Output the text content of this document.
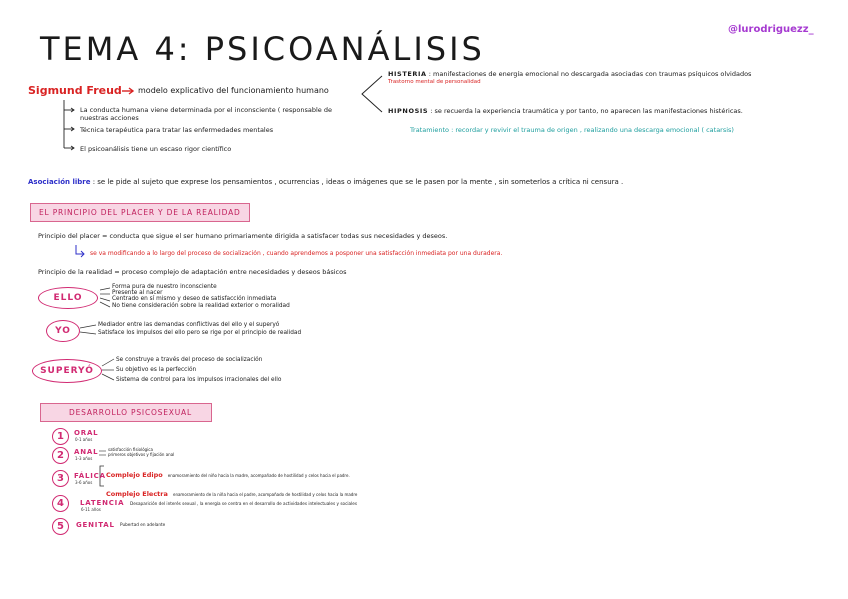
TEMA 4: PSICOANÁLISIS
@lurodriguezz_
Sigmund Freud modelo explicativo del funcionamiento humano
La conducta humana viene determinada por el inconsciente ( responsable de
nuestras acciones
Técnica terapéutica para tratar las enfermedades mentales
El psicoanálisis tiene un escaso rigor científico
HISTERIA : manifestaciones de energía emocional no descargada asociadas con traumas psíquicos olvidados
Trastorno mental de personalidad
HIPNOSIS : se recuerda la experiencia traumática y por tanto, no aparecen las manifestaciones histéricas.
Tratamiento : recordar y revivir el trauma de origen , realizando una descarga emocional ( catarsis)
Asociación libre : se le pide al sujeto que exprese los pensamientos , ocurrencias , ideas o imágenes que se le pasen por la mente , sin someterlos a crítica ni censura .
EL PRINCIPIO DEL PLACER Y DE LA REALIDAD
Principio del placer = conducta que sigue el ser humano primariamente dirigida a satisfacer todas sus necesidades y deseos.
se va modificando a lo largo del proceso de socialización , cuando aprendemos a posponer una satisfacción inmediata por una duradera.
Principio de la realidad = proceso complejo de adaptación entre necesidades y deseos básicos
ELLO
Forma pura de nuestro inconsciente
Presente al nacer
Centrado en sí mismo y deseo de satisfacción inmediata
No tiene consideración sobre la realidad exterior o moralidad
YO
Mediador entre las demandas conflictivas del ello y el superyó
Satisface los impulsos del ello pero se rige por el principio de realidad
SUPERYÓ
Se construye a través del proceso de socialización
Su objetivo es la perfección
Sistema de control para los impulsos irracionales del ello
DESARROLLO PSICOSEXUAL
1	ORAL
0-1 años
2	ANAL
1-3 años
satisfacción fisiológica
primeros objetivos y fijación anal
3	FÁLICA
3-6 años
Complejo Edipo enamoramiento del niño hacia la madre, acompañado de hostilidad y celos hacia el padre.
Complejo Electra enamoramiento de la niña hacia el padre, acompañado de hostilidad y celos hacia la madre
4	LATENCIA
6-11 años
Desaparición del interés sexual , la energía se centra en el desarrollo de actividades intelectuales y sociales
5	GENITAL Pubertad en adelante
